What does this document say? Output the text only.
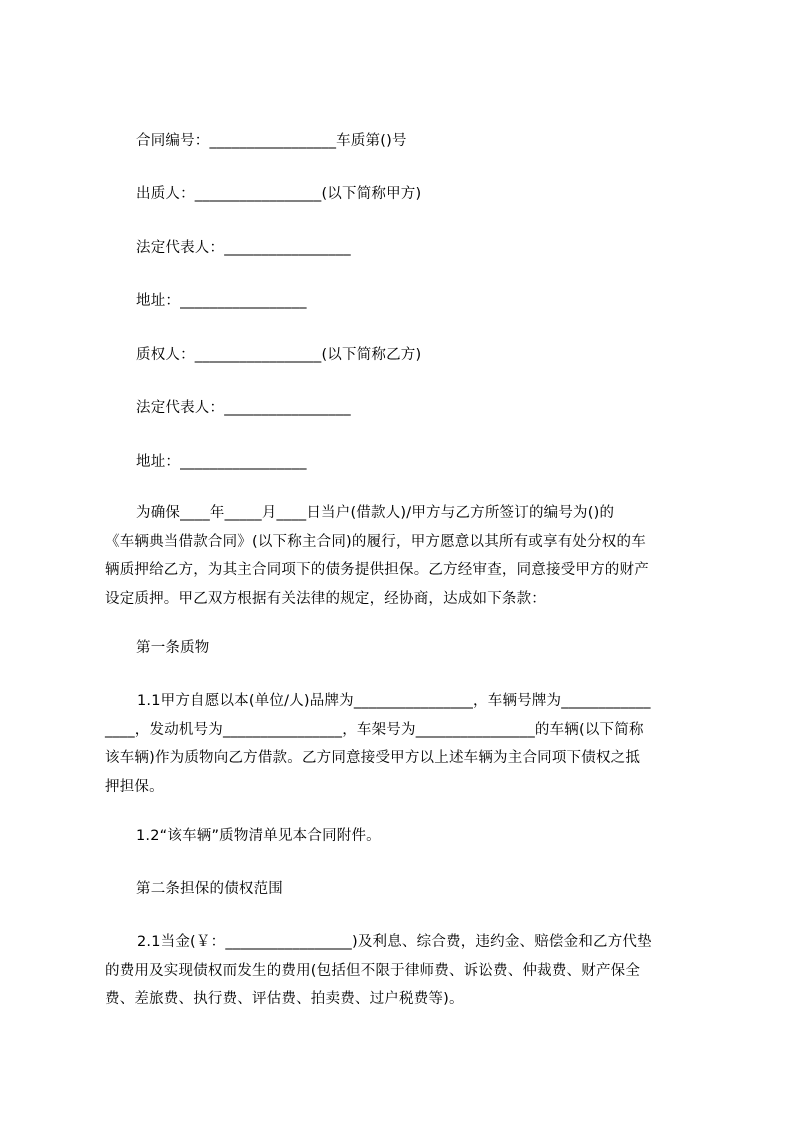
合同编号：_________________车质第()号
出质人：_________________(以下简称甲方)
法定代表人：_________________
地址：_________________
质权人：_________________(以下简称乙方)
法定代表人：_________________
地址：_________________
为确保____年_____月____日当户(借款人)/甲方与乙方所签订的编号为()的
《车辆典当借款合同》(以下称主合同)的履行，甲方愿意以其所有或享有处分权的车
辆质押给乙方，为其主合同项下的债务提供担保。乙方经审查，同意接受甲方的财产
设定质押。甲乙双方根据有关法律的规定，经协商，达成如下条款：
第一条质物
1.1甲方自愿以本(单位/人)品牌为________________，车辆号牌为____________
____，发动机号为________________，车架号为________________的车辆(以下简称
该车辆)作为质物向乙方借款。乙方同意接受甲方以上述车辆为主合同项下债权之抵
押担保。
1.2“该车辆”质物清单见本合同附件。
第二条担保的债权范围
2.1当金(￥：_________________)及利息、综合费，违约金、赔偿金和乙方代垫
的费用及实现债权而发生的费用(包括但不限于律师费、诉讼费、仲裁费、财产保全
费、差旅费、执行费、评估费、拍卖费、过户税费等)。
